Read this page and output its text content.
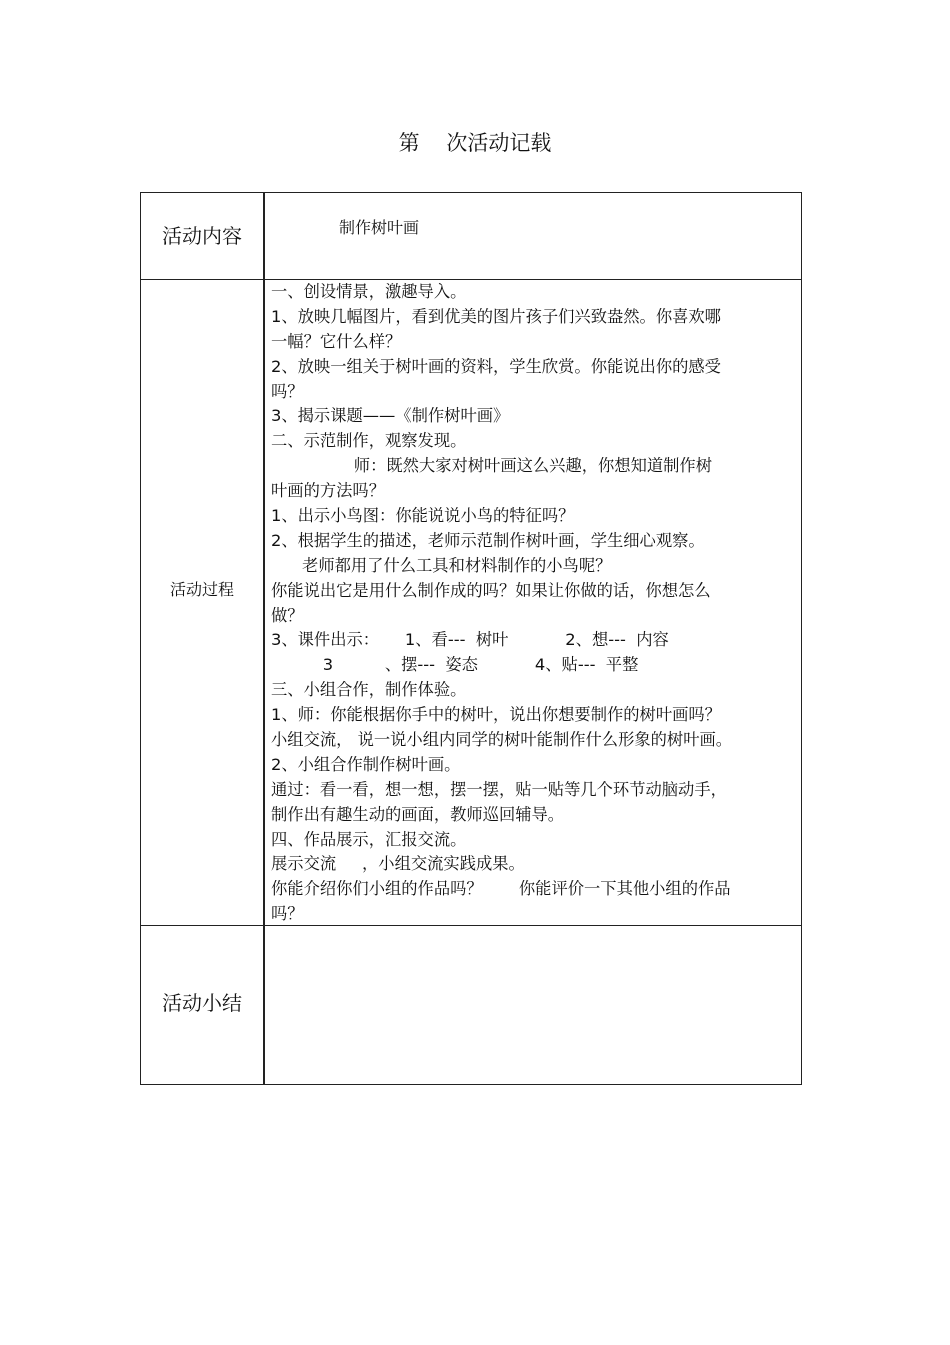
第    次活动记载
活动内容	制作树叶画
活动过程
一、创设情景，激趣导入。
1、放映几幅图片，看到优美的图片孩子们兴致盎然。你喜欢哪
一幅？它什么样？
2、放映一组关于树叶画的资料，学生欣赏。你能说出你的感受
吗？
3、揭示课题——《制作树叶画》
二、示范制作，观察发现。
师：既然大家对树叶画这么兴趣，你想知道制作树
叶画的方法吗？
1、出示小鸟图：你能说说小鸟的特征吗？
2、根据学生的描述，老师示范制作树叶画，学生细心观察。
老师都用了什么工具和材料制作的小鸟呢？
你能说出它是用什么制作成的吗？如果让你做的话，你想怎么
做？
3、课件出示：     1、看---  树叶           2、想---  内容
3          、摆---  姿态           4、贴---  平整
三、小组合作，制作体验。
1、师：你能根据你手中的树叶，说出你想要制作的树叶画吗？
小组交流， 说一说小组内同学的树叶能制作什么形象的树叶画。
2、小组合作制作树叶画。
通过：看一看，想一想，摆一摆，贴一贴等几个环节动脑动手，
制作出有趣生动的画面，教师巡回辅导。
四、作品展示，汇报交流。
展示交流     ，小组交流实践成果。
你能介绍你们小组的作品吗？       你能评价一下其他小组的作品
吗？
活动小结
